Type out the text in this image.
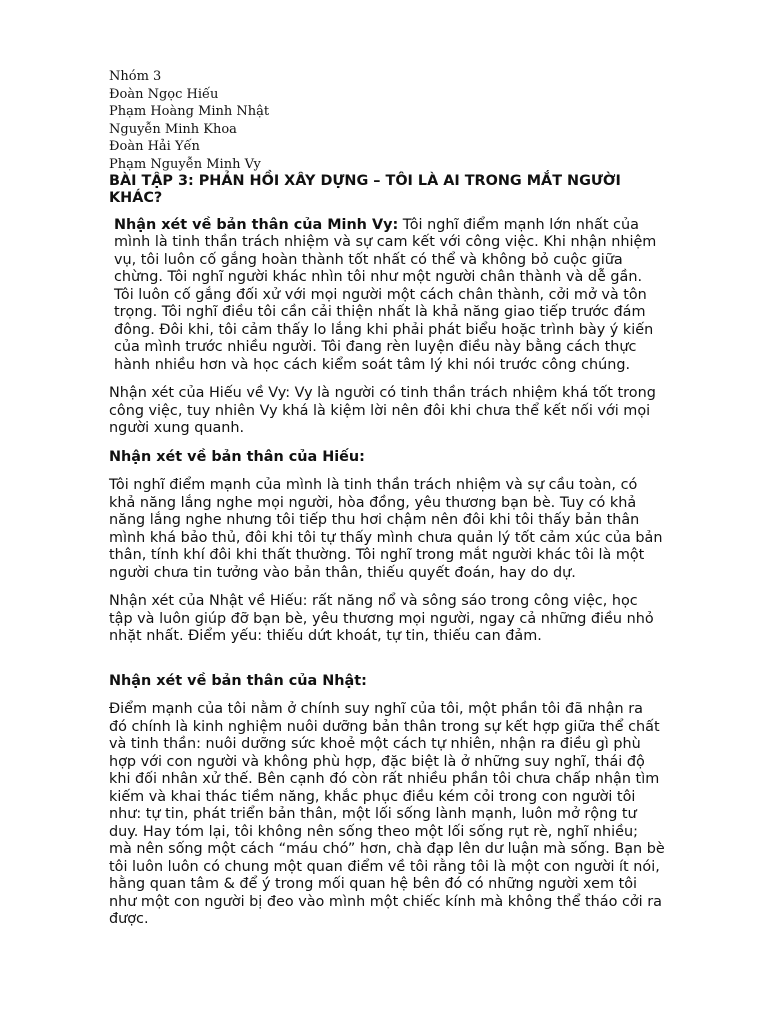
Nhóm 3
Đoàn Ngọc Hiếu
Phạm Hoàng Minh Nhật
Nguyễn Minh Khoa
Đoàn Hải Yến
Phạm Nguyễn Minh Vy
BÀI TẬP 3: PHẢN HỒI XÂY DỰNG – TÔI LÀ AI TRONG MẮT NGƯỜI KHÁC?

Nhận xét về bản thân của Minh Vy: Tôi nghĩ điểm mạnh lớn nhất của mình là tinh thần trách nhiệm và sự cam kết với công việc. Khi nhận nhiệm vụ, tôi luôn cố gắng hoàn thành tốt nhất có thể và không bỏ cuộc giữa chừng. Tôi nghĩ người khác nhìn tôi như một người chân thành và dễ gần. Tôi luôn cố gắng đối xử với mọi người một cách chân thành, cởi mở và tôn trọng. Tôi nghĩ điều tôi cần cải thiện nhất là khả năng giao tiếp trước đám đông. Đôi khi, tôi cảm thấy lo lắng khi phải phát biểu hoặc trình bày ý kiến của mình trước nhiều người. Tôi đang rèn luyện điều này bằng cách thực hành nhiều hơn và học cách kiểm soát tâm lý khi nói trước công chúng.

Nhận xét của Hiếu về Vy: Vy là người có tinh thần trách nhiệm khá tốt trong công việc, tuy nhiên Vy khá là kiệm lời nên đôi khi chưa thể kết nối với mọi người xung quanh.

Nhận xét về bản thân của Hiếu:

Tôi nghĩ điểm mạnh của mình là tinh thần trách nhiệm và sự cầu toàn, có khả năng lắng nghe mọi người, hòa đồng, yêu thương bạn bè. Tuy có khả năng lắng nghe nhưng tôi tiếp thu hơi chậm nên đôi khi tôi thấy bản thân mình khá bảo thủ, đôi khi tôi tự thấy mình chưa quản lý tốt cảm xúc của bản thân, tính khí đôi khi thất thường. Tôi nghĩ trong mắt người khác tôi là một người chưa tin tưởng vào bản thân, thiếu quyết đoán, hay do dự.

Nhận xét của Nhật về Hiếu: rất năng nổ và sông sáo trong công việc, học tập và luôn giúp đỡ bạn bè, yêu thương mọi người, ngay cả những điều nhỏ nhặt nhất. Điểm yếu: thiếu dứt khoát, tự tin, thiếu can đảm.

Nhận xét về bản thân của Nhật:

Điểm mạnh của tôi nằm ở chính suy nghĩ của tôi, một phần tôi đã nhận ra đó chính là kinh nghiệm nuôi dưỡng bản thân trong sự kết hợp giữa thể chất và tinh thần: nuôi dưỡng sức khoẻ một cách tự nhiên, nhận ra điều gì phù hợp với con người và không phù hợp, đặc biệt là ở những suy nghĩ, thái độ khi đối nhân xử thế. Bên cạnh đó còn rất nhiều phần tôi chưa chấp nhận tìm kiếm và khai thác tiềm năng, khắc phục điều kém cỏi trong con người tôi như: tự tin, phát triển bản thân, một lối sống lành mạnh, luôn mở rộng tư duy. Hay tóm lại, tôi không nên sống theo một lối sống rụt rè, nghĩ nhiều; mà nên sống một cách “máu chó” hơn, chà đạp lên dư luận mà sống. Bạn bè tôi luôn luôn có chung một quan điểm về tôi rằng tôi là một con người ít nói, hằng quan tâm & để ý trong mối quan hệ bên đó có những người xem tôi như một con người bị đeo vào mình một chiếc kính mà không thể tháo cởi ra được.
